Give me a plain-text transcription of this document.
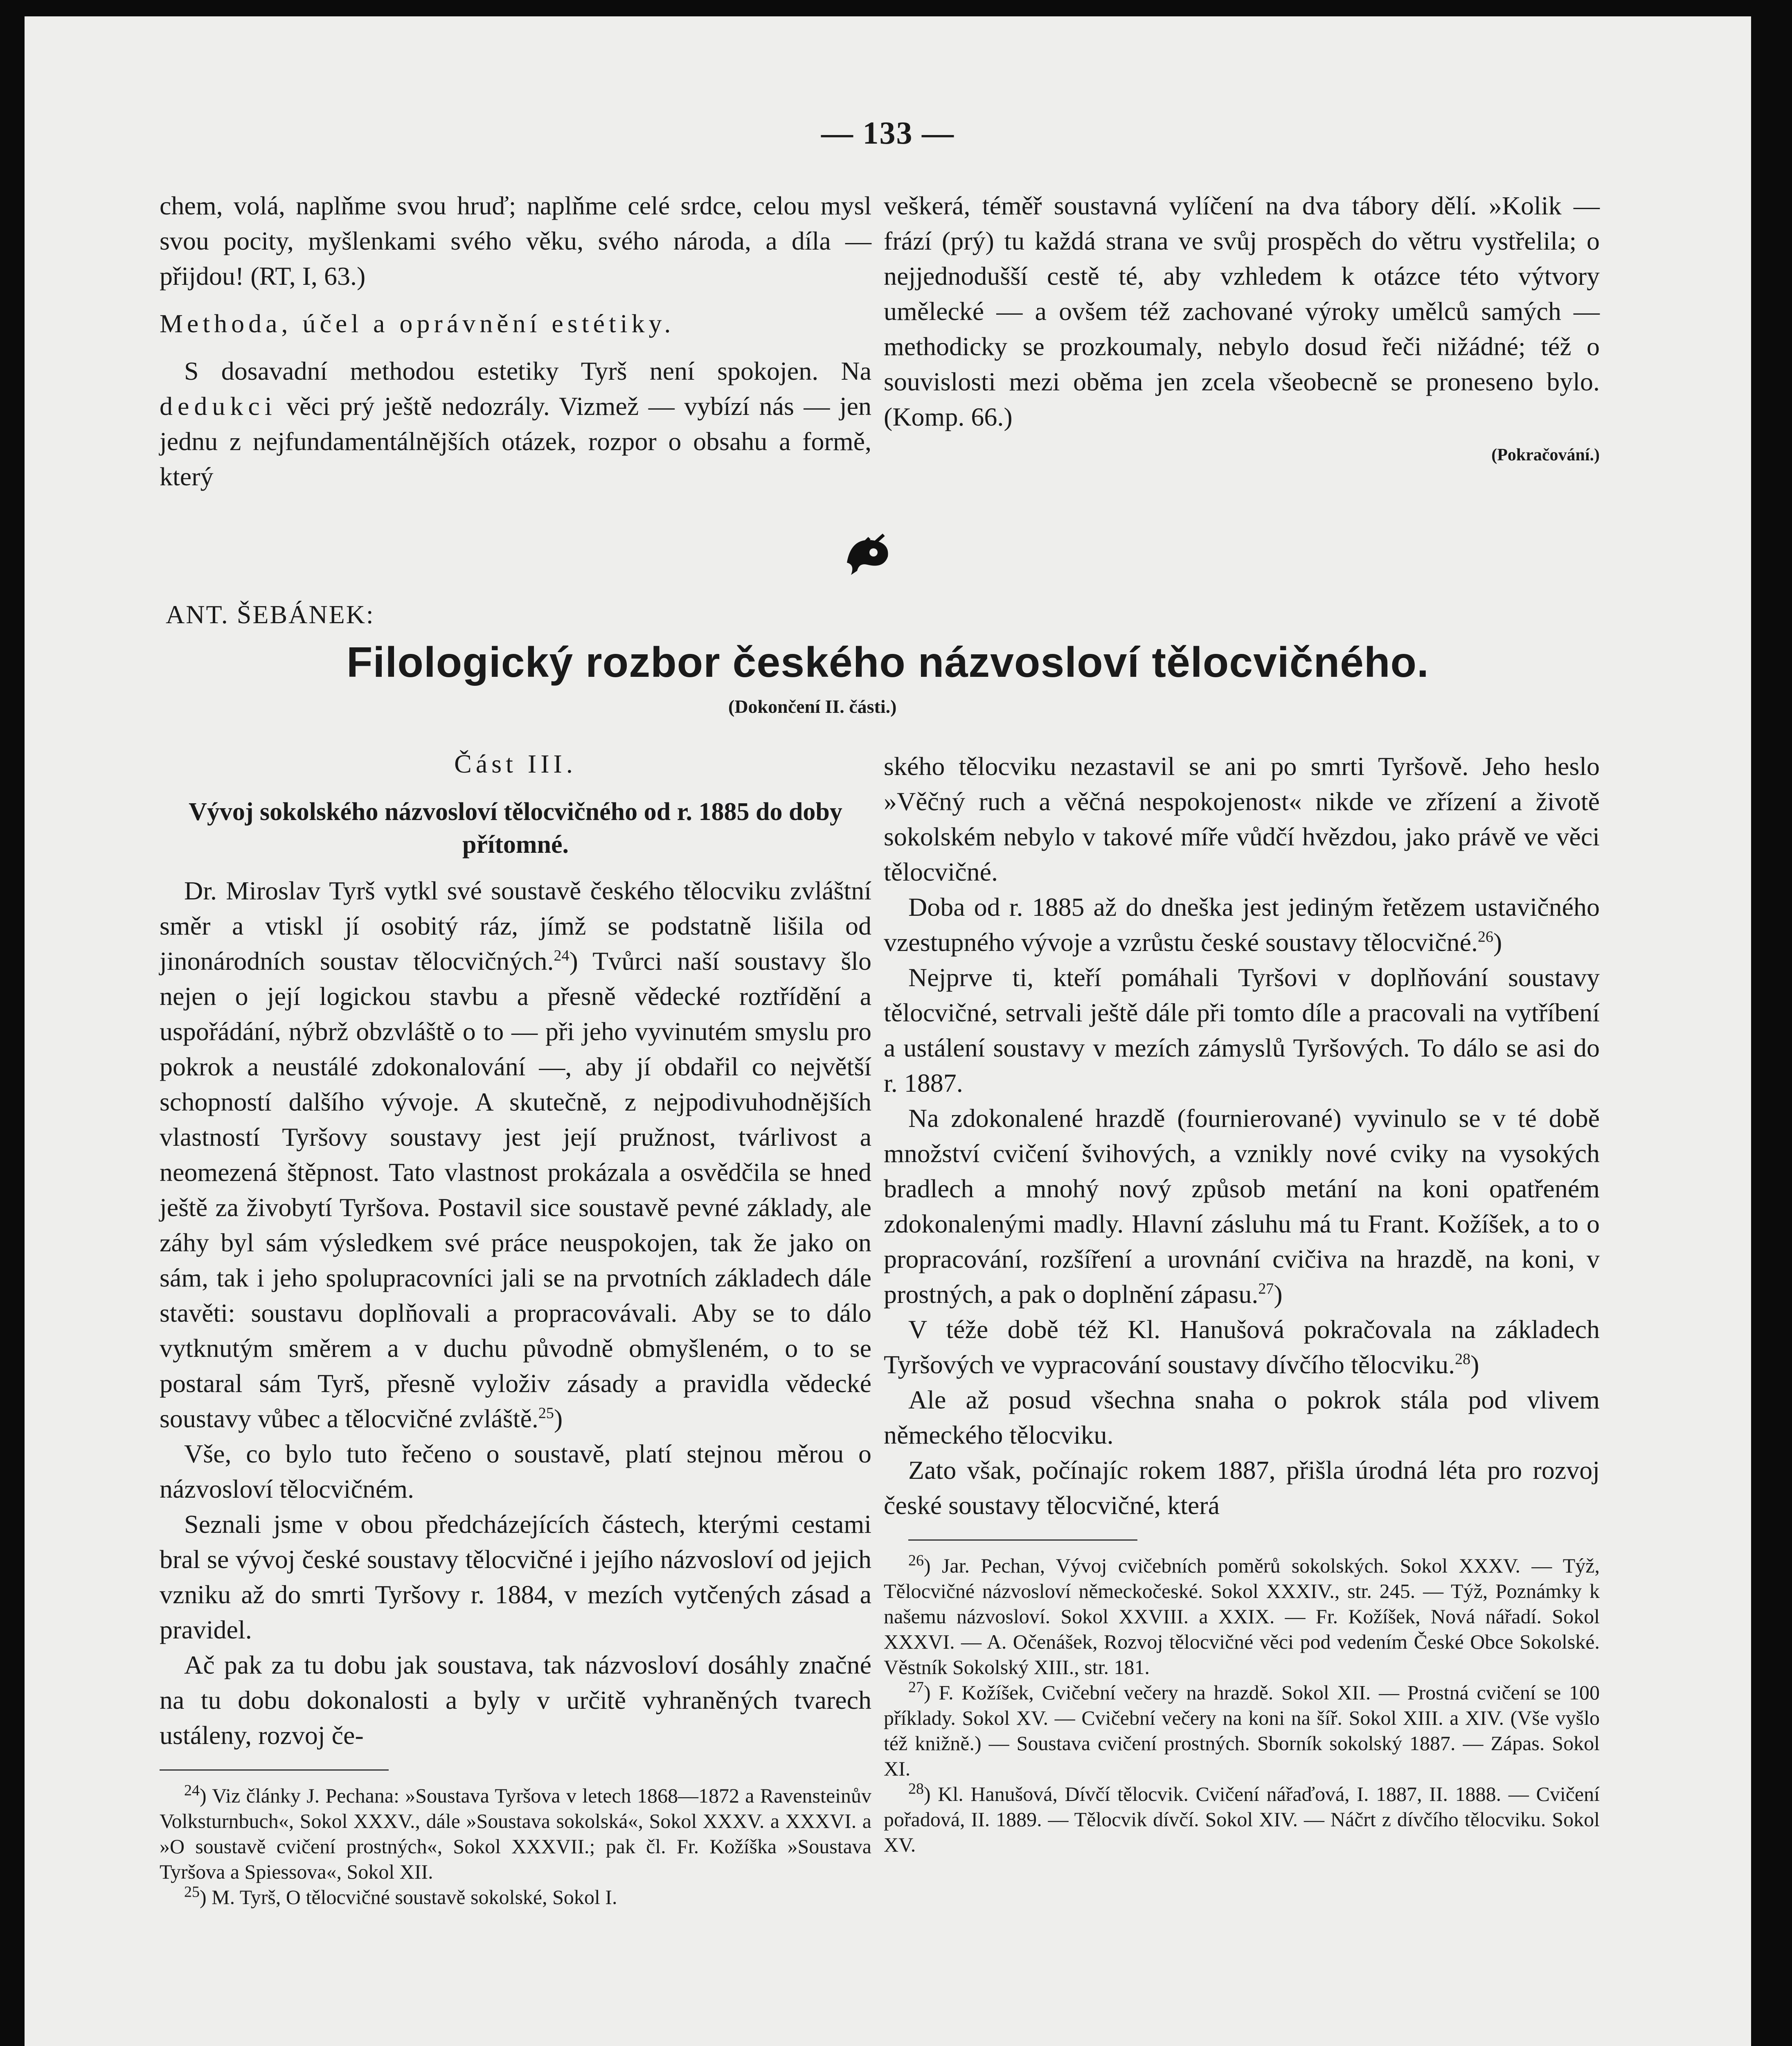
— 133 —

chem, volá, naplňme svou hruď; naplňme celé srdce, celou mysl svou pocity, myšlenkami svého věku, svého národa, a díla — přijdou! (RT, I, 63.)

Methoda, účel a oprávnění estétiky.

S dosavadní methodou estetiky Tyrš není spokojen. Na dedukci věci prý ještě nedozrály. Vizmež — vybízí nás — jen jednu z nejfundamentálnějších otázek, rozpor o obsahu a formě, který

veškerá, téměř soustavná vylíčení na dva tábory dělí. »Kolik — frází (prý) tu každá strana ve svůj prospěch do větru vystřelila; o nejjednodušší cestě té, aby vzhledem k otázce této výtvory umělecké — a ovšem též zachované výroky umělců samých — methodicky se prozkoumaly, nebylo dosud řeči nižádné; též o souvislosti mezi oběma jen zcela všeobecně se proneseno bylo. (Komp. 66.)

(Pokračování.)
ANT. ŠEBÁNEK:
Filologický rozbor českého názvosloví tělocvičného.
(Dokončení II. části.)
Část III.
Vývoj sokolského názvosloví tělocvičného od r. 1885 do doby přítomné.

Dr. Miroslav Tyrš vytkl své soustavě českého tělocviku zvláštní směr a vtiskl jí osobitý ráz, jímž se podstatně lišila od jinonárodních soustav tělocvičných.$^{24}$) Tvůrci naší soustavy šlo nejen o její logickou stavbu a přesně vědecké roztřídění a uspořádání, nýbrž obzvláště o to — při jeho vyvinutém smyslu pro pokrok a neustálé zdokonalování —, aby jí obdařil co největší schopností dalšího vývoje. A skutečně, z nejpodivuhodnějších vlastností Tyršovy soustavy jest její pružnost, tvárlivost a neomezená štěpnost. Tato vlastnost prokázala a osvědčila se hned ještě za živobytí Tyršova. Postavil sice soustavě pevné základy, ale záhy byl sám výsledkem své práce neuspokojen, tak že jako on sám, tak i jeho spolupracovníci jali se na prvotních základech dále stavěti: soustavu doplňovali a propracovávali. Aby se to dálo vytknutým směrem a v duchu původně obmyšleném, o to se postaral sám Tyrš, přesně vyloživ zásady a pravidla vědecké soustavy vůbec a tělocvičné zvláště.$^{25}$)

Vše, co bylo tuto řečeno o soustavě, platí stejnou měrou o názvosloví tělocvičném.

Seznali jsme v obou předcházejících částech, kterými cestami bral se vývoj české soustavy tělocvičné i jejího názvosloví od jejich vzniku až do smrti Tyršovy r. 1884, v mezích vytčených zásad a pravidel.

Ač pak za tu dobu jak soustava, tak názvosloví dosáhly značné na tu dobu dokonalosti a byly v určitě vyhraněných tvarech ustáleny, rozvoj če-

$^{24}$) Viz články J. Pechana: »Soustava Tyršova v letech 1868—1872 a Ravensteinův Volksturnbuch«, Sokol XXXV., dále »Soustava sokolská«, Sokol XXXV. a XXXVI. a »O soustavě cvičení prostných«, Sokol XXXVII.; pak čl. Fr. Kožíška »Soustava Tyršova a Spiessova«, Sokol XII.

$^{25}$) M. Tyrš, O tělocvičné soustavě sokolské, Sokol I.

ského tělocviku nezastavil se ani po smrti Tyršově. Jeho heslo »Věčný ruch a věčná nespokojenost« nikde ve zřízení a životě sokolském nebylo v takové míře vůdčí hvězdou, jako právě ve věci tělocvičné.

Doba od r. 1885 až do dneška jest jediným řetězem ustavičného vzestupného vývoje a vzrůstu české soustavy tělocvičné.$^{26}$)

Nejprve ti, kteří pomáhali Tyršovi v doplňování soustavy tělocvičné, setrvali ještě dále při tomto díle a pracovali na vytříbení a ustálení soustavy v mezích zámyslů Tyršových. To dálo se asi do r. 1887.

Na zdokonalené hrazdě (fournierované) vyvinulo se v té době množství cvičení švihových, a vznikly nové cviky na vysokých bradlech a mnohý nový způsob metání na koni opatřeném zdokonalenými madly. Hlavní zásluhu má tu Frant. Kožíšek, a to o propracování, rozšíření a urovnání cvičiva na hrazdě, na koni, v prostných, a pak o doplnění zápasu.$^{27}$)

V téže době též Kl. Hanušová pokračovala na základech Tyršových ve vypracování soustavy dívčího tělocviku.$^{28}$)

Ale až posud všechna snaha o pokrok stála pod vlivem německého tělocviku.

Zato však, počínajíc rokem 1887, přišla úrodná léta pro rozvoj české soustavy tělocvičné, která

$^{26}$) Jar. Pechan, Vývoj cvičebních poměrů sokolských. Sokol XXXV. — Týž, Tělocvičné názvosloví německočeské. Sokol XXXIV., str. 245. — Týž, Poznámky k našemu názvosloví. Sokol XXVIII. a XXIX. — Fr. Kožíšek, Nová nářadí. Sokol XXXVI. — A. Očenášek, Rozvoj tělocvičné věci pod vedením České Obce Sokolské. Věstník Sokolský XIII., str. 181.

$^{27}$) F. Kožíšek, Cvičební večery na hrazdě. Sokol XII. — Prostná cvičení se 100 příklady. Sokol XV. — Cvičební večery na koni na šíř. Sokol XIII. a XIV. (Vše vyšlo též knižně.) — Soustava cvičení prostných. Sborník sokolský 1887. — Zápas. Sokol XI.

$^{28}$) Kl. Hanušová, Dívčí tělocvik. Cvičení nářaďová, I. 1887, II. 1888. — Cvičení pořadová, II. 1889. — Tělocvik dívčí. Sokol XIV. — Náčrt z dívčího tělocviku. Sokol XV.
